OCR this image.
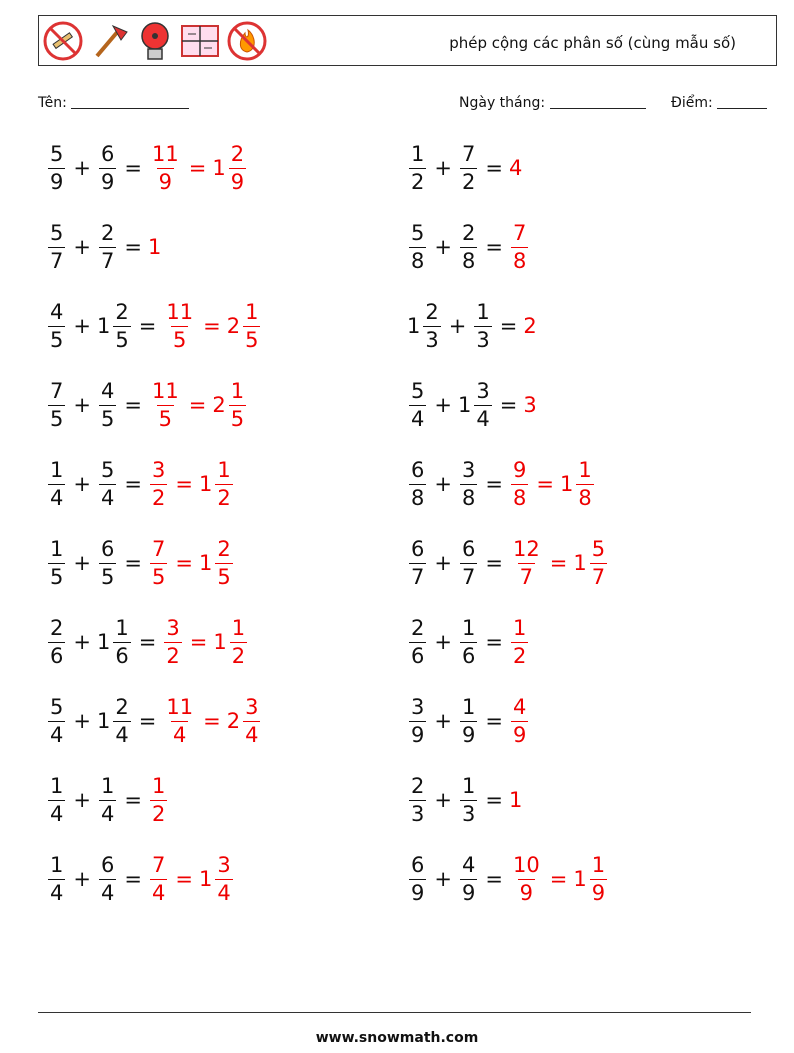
phép cộng các phân số (cùng mẫu số)
Tên:	Ngày tháng:	Điểm:
$\frac{5}{9} + \frac{6}{9} = \frac{11}{9} = 1 \frac{2}{9}$	$\frac{1}{2} + \frac{7}{2} = 4$
$\frac{5}{7} + \frac{2}{7} = 1$	$\frac{5}{8} + \frac{2}{8} = \frac{7}{8}$
$\frac{4}{5} + 1 \frac{2}{5} = \frac{11}{5} = 2 \frac{1}{5}$	$1 \frac{2}{3} + \frac{1}{3} = 2$
$\frac{7}{5} + \frac{4}{5} = \frac{11}{5} = 2 \frac{1}{5}$	$\frac{5}{4} + 1 \frac{3}{4} = 3$
$\frac{1}{4} + \frac{5}{4} = \frac{3}{2} = 1 \frac{1}{2}$	$\frac{6}{8} + \frac{3}{8} = \frac{9}{8} = 1 \frac{1}{8}$
$\frac{1}{5} + \frac{6}{5} = \frac{7}{5} = 1 \frac{2}{5}$	$\frac{6}{7} + \frac{6}{7} = \frac{12}{7} = 1 \frac{5}{7}$
$\frac{2}{6} + 1 \frac{1}{6} = \frac{3}{2} = 1 \frac{1}{2}$	$\frac{2}{6} + \frac{1}{6} = \frac{1}{2}$
$\frac{5}{4} + 1 \frac{2}{4} = \frac{11}{4} = 2 \frac{3}{4}$	$\frac{3}{9} + \frac{1}{9} = \frac{4}{9}$
$\frac{1}{4} + \frac{1}{4} = \frac{1}{2}$	$\frac{2}{3} + \frac{1}{3} = 1$
$\frac{1}{4} + \frac{6}{4} = \frac{7}{4} = 1 \frac{3}{4}$	$\frac{6}{9} + \frac{4}{9} = \frac{10}{9} = 1 \frac{1}{9}$
www.snowmath.com
